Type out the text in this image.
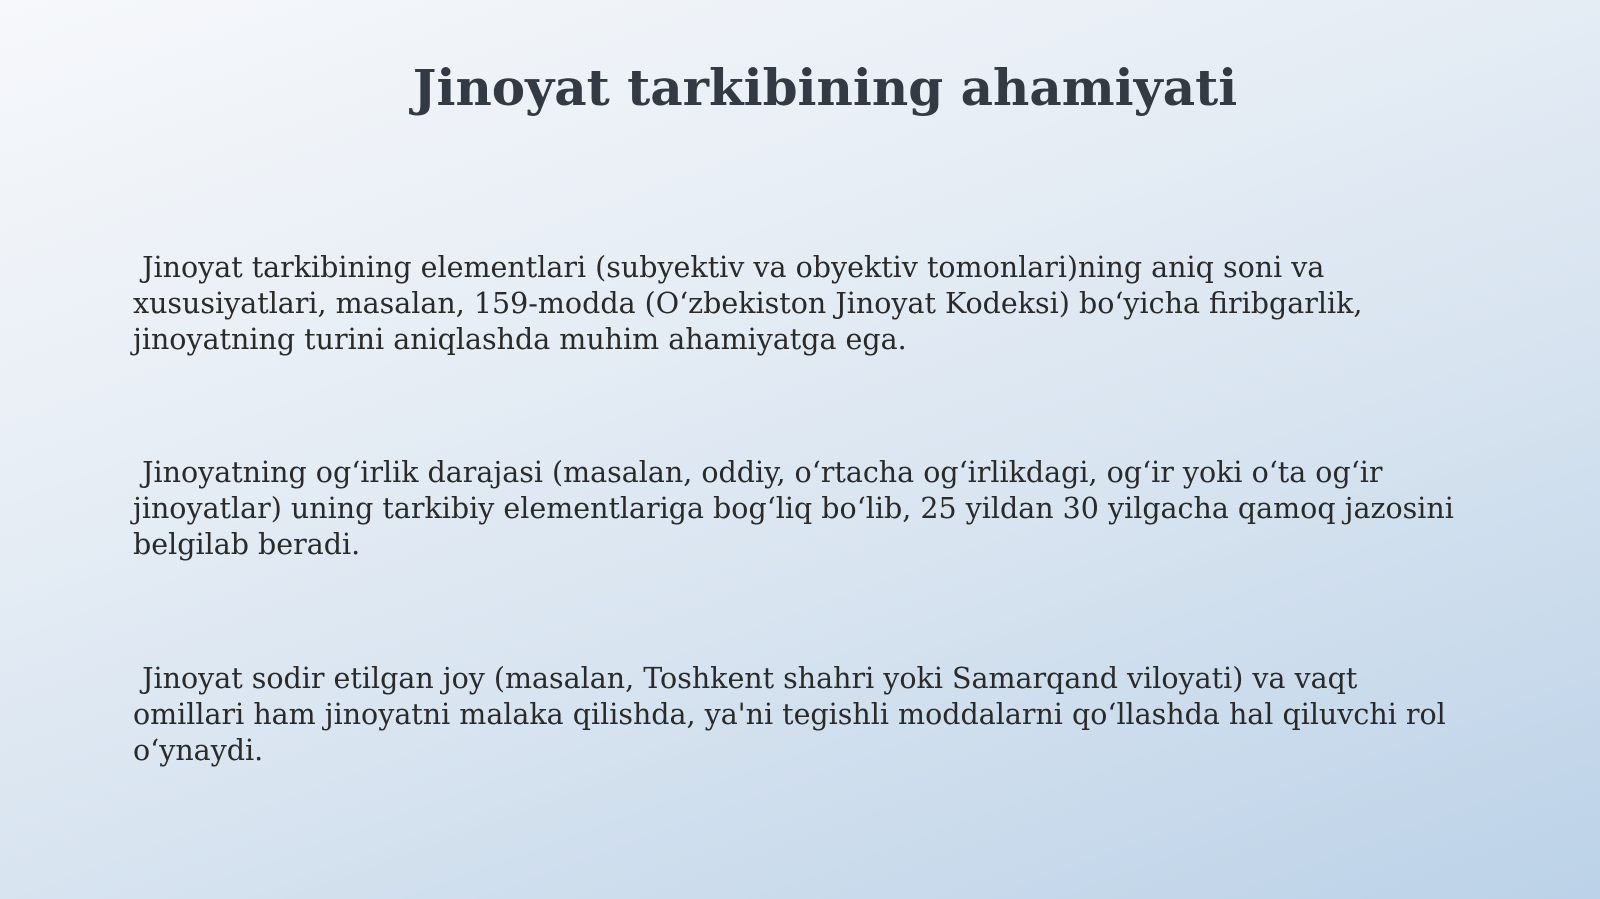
Jinoyat tarkibining ahamiyati

Jinoyat tarkibining elementlari (subyektiv va obyektiv tomonlari)ning aniq soni va xususiyatlari, masalan, 159-modda (O‘zbekiston Jinoyat Kodeksi) bo‘yicha firibgarlik, jinoyatning turini aniqlashda muhim ahamiyatga ega.

Jinoyatning og‘irlik darajasi (masalan, oddiy, o‘rtacha og‘irlikdagi, og‘ir yoki o‘ta og‘ir jinoyatlar) uning tarkibiy elementlariga bog‘liq bo‘lib, 25 yildan 30 yilgacha qamoq jazosini belgilab beradi.

Jinoyat sodir etilgan joy (masalan, Toshkent shahri yoki Samarqand viloyati) va vaqt omillari ham jinoyatni malaka qilishda, ya'ni tegishli moddalarni qo‘llashda hal qiluvchi rol o‘ynaydi.
